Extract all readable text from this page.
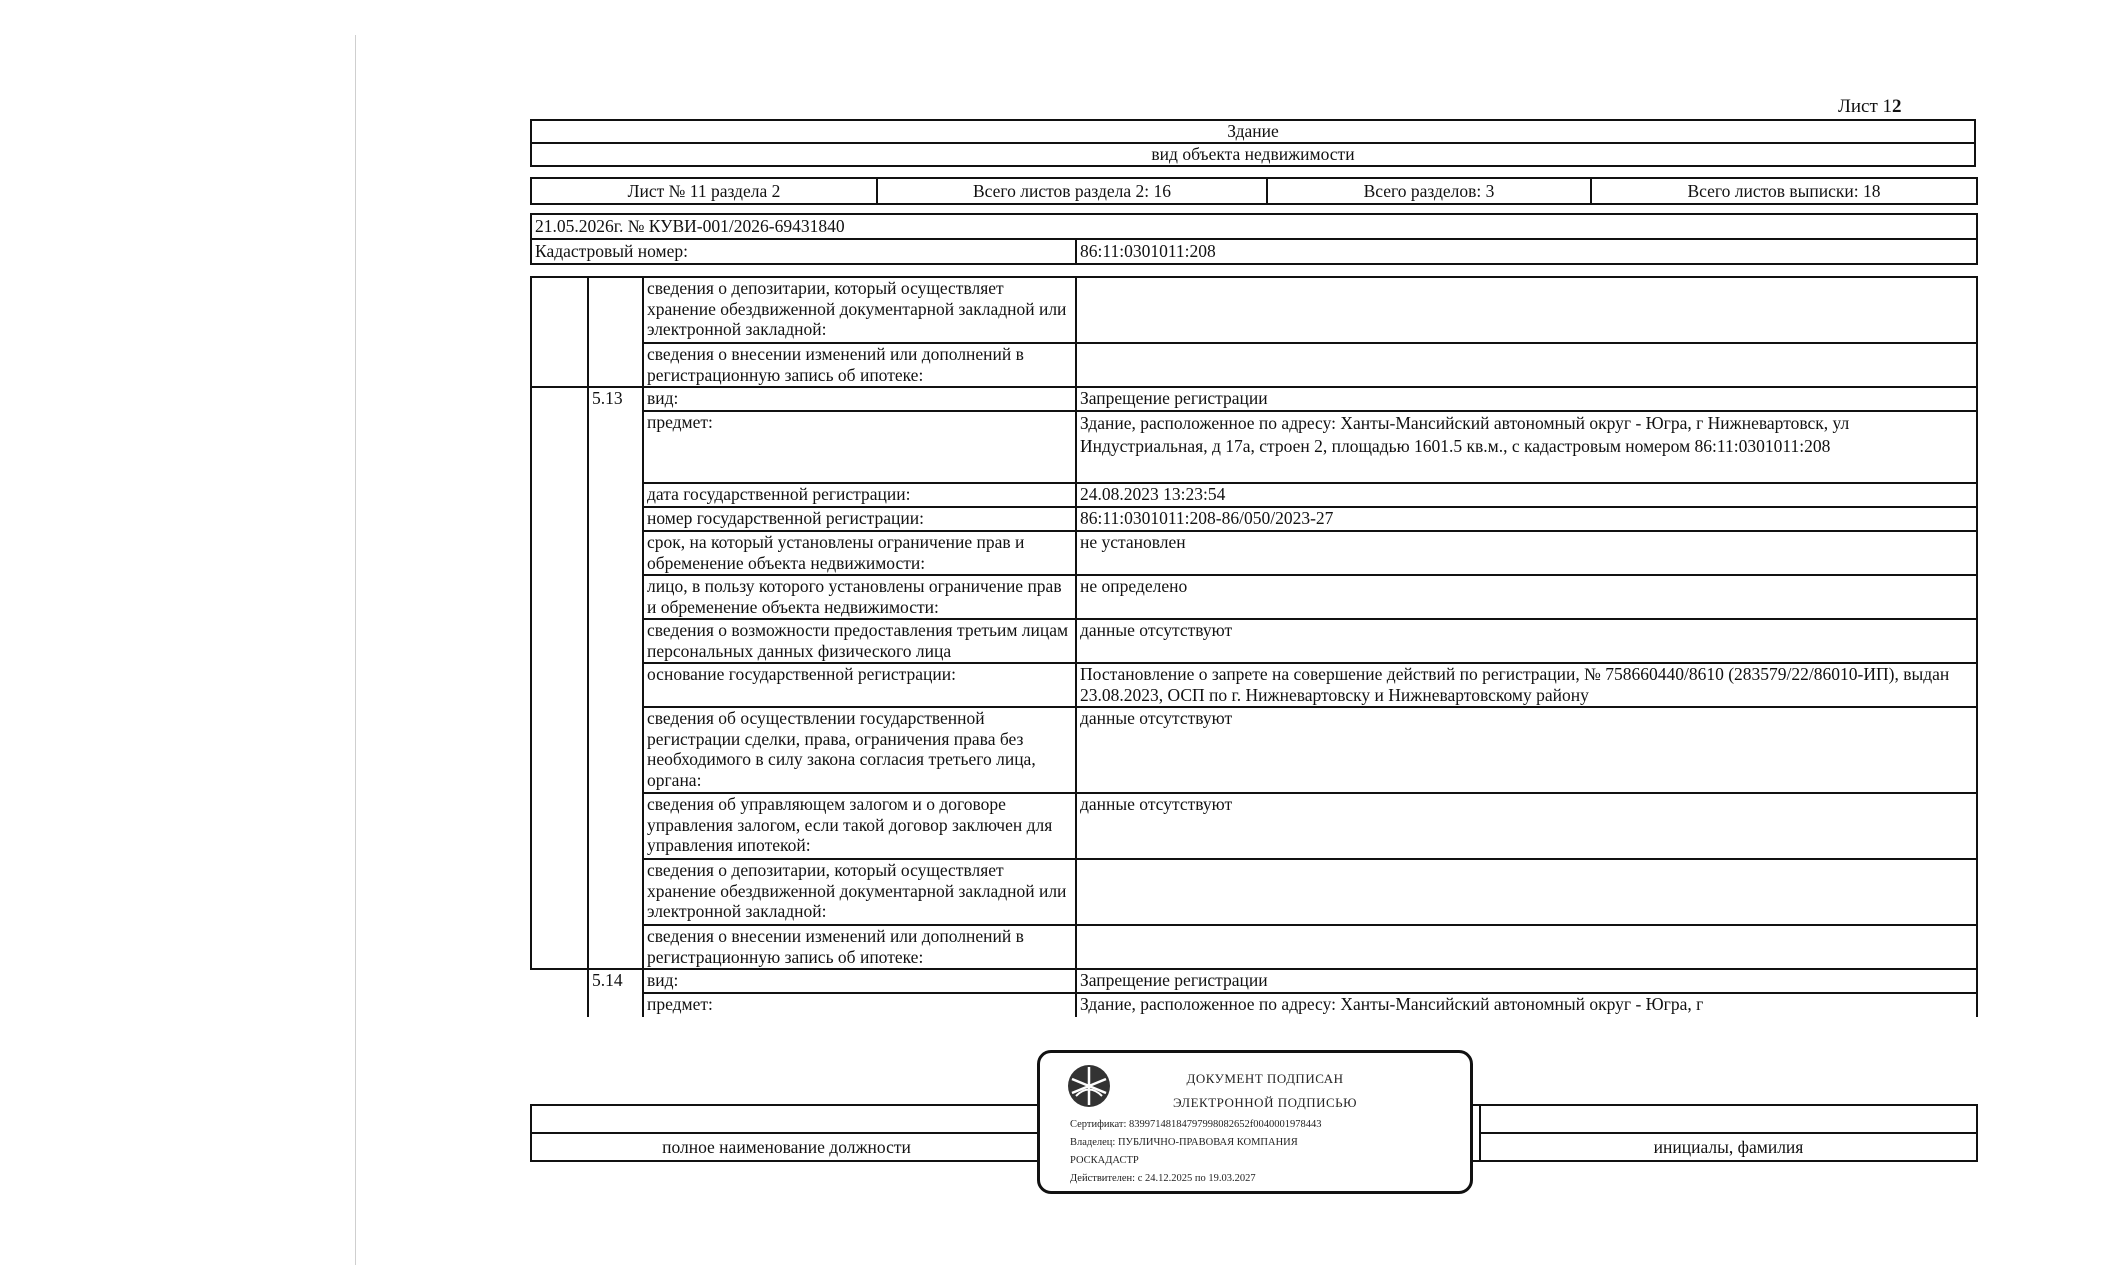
Лист 12
Здание
вид объекта недвижимости
Лист № 11 раздела 2	Всего листов раздела 2: 16	Всего разделов: 3	Всего листов выписки: 18
21.05.2026г. № КУВИ-001/2026-69431840
Кадастровый номер:	86:11:0301011:208
		сведения о депозитарии, который осуществляет хранение обездвиженной документарной закладной или электронной закладной:	
		сведения о внесении изменений или дополнений в регистрационную запись об ипотеке:	
	5.13	вид:	Запрещение регистрации
		предмет:	Здание, расположенное по адресу: Ханты-Мансийский автономный округ - Югра, г Нижневартовск, ул Индустриальная, д 17а, строен 2, площадью 1601.5 кв.м., с кадастровым номером 86:11:0301011:208
		дата государственной регистрации:	24.08.2023 13:23:54
		номер государственной регистрации:	86:11:0301011:208-86/050/2023-27
		срок, на который установлены ограничение прав и обременение объекта недвижимости:	не установлен
		лицо, в пользу которого установлены ограничение прав и обременение объекта недвижимости:	не определено
		сведения о возможности предоставления третьим лицам персональных данных физического лица	данные отсутствуют
		основание государственной регистрации:	Постановление о запрете на совершение действий по регистрации, № 758660440/8610 (283579/22/86010-ИП), выдан 23.08.2023, ОСП по г. Нижневартовску и Нижневартовскому району
		сведения об осуществлении государственной регистрации сделки, права, ограничения права без необходимого в силу закона согласия третьего лица, органа:	данные отсутствуют
		сведения об управляющем залогом и о договоре управления залогом, если такой договор заключен для управления ипотекой:	данные отсутствуют
		сведения о депозитарии, который осуществляет хранение обездвиженной документарной закладной или электронной закладной:	
		сведения о внесении изменений или дополнений в регистрационную запись об ипотеке:	
	5.14	вид:	Запрещение регистрации
		предмет:	Здание, расположенное по адресу: Ханты-Мансийский автономный округ - Югра, г

полное наименование должности		инициалы, фамилия
ДОКУМЕНТ ПОДПИСАН
ЭЛЕКТРОННОЙ ПОДПИСЬЮ
Сертификат: 83997148184797998082652f0040001978443
Владелец: ПУБЛИЧНО-ПРАВОВАЯ КОМПАНИЯ
РОСКАДАСТР
Действителен: с 24.12.2025 по 19.03.2027
